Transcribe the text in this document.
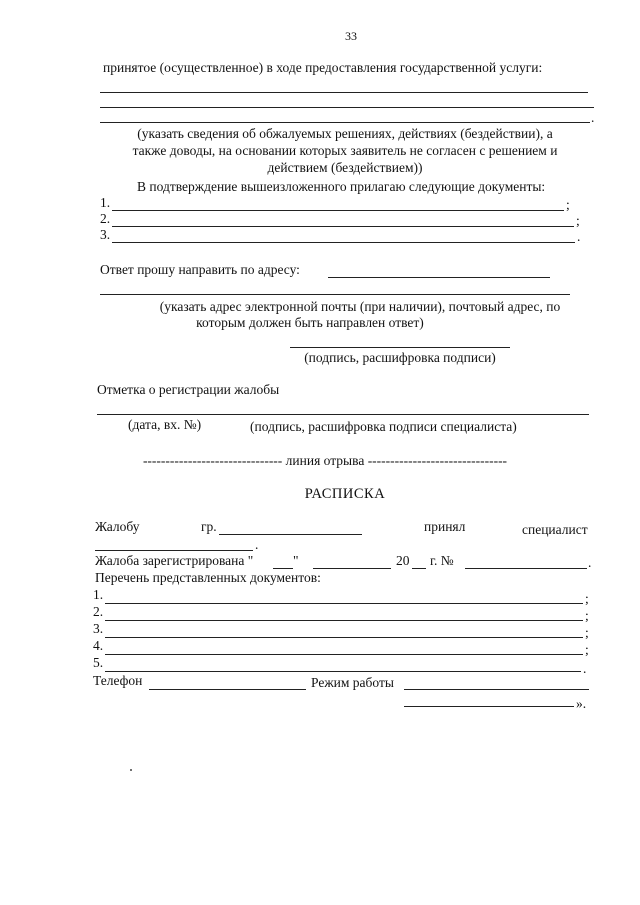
33
принятое (осуществленное) в ходе предоставления государственной услуги:
.
(указать сведения об обжалуемых решениях, действиях (бездействии), а
также доводы, на основании которых заявитель не согласен с решением и
действием (бездействием))
В подтверждение вышеизложенного прилагаю следующие документы:
1.	;
2.	;
3.	.
Ответ прошу направить по адресу:
(указать адрес электронной почты (при наличии), почтовый адрес, по
которым должен быть направлен ответ)
(подпись, расшифровка подписи)
Отметка о регистрации жалобы
(дата, вх. №)	(подпись, расшифровка подписи специалиста)
------------------------------- линия отрыва -------------------------------
РАСПИСКА
Жалобу	гр.	принял	специалист
.
Жалоба зарегистрирована "	"	20 г. №	.
Перечень представленных документов:
1.	;
2.	;
3.	;
4.	;
5.	.
Телефон	Режим работы
».
